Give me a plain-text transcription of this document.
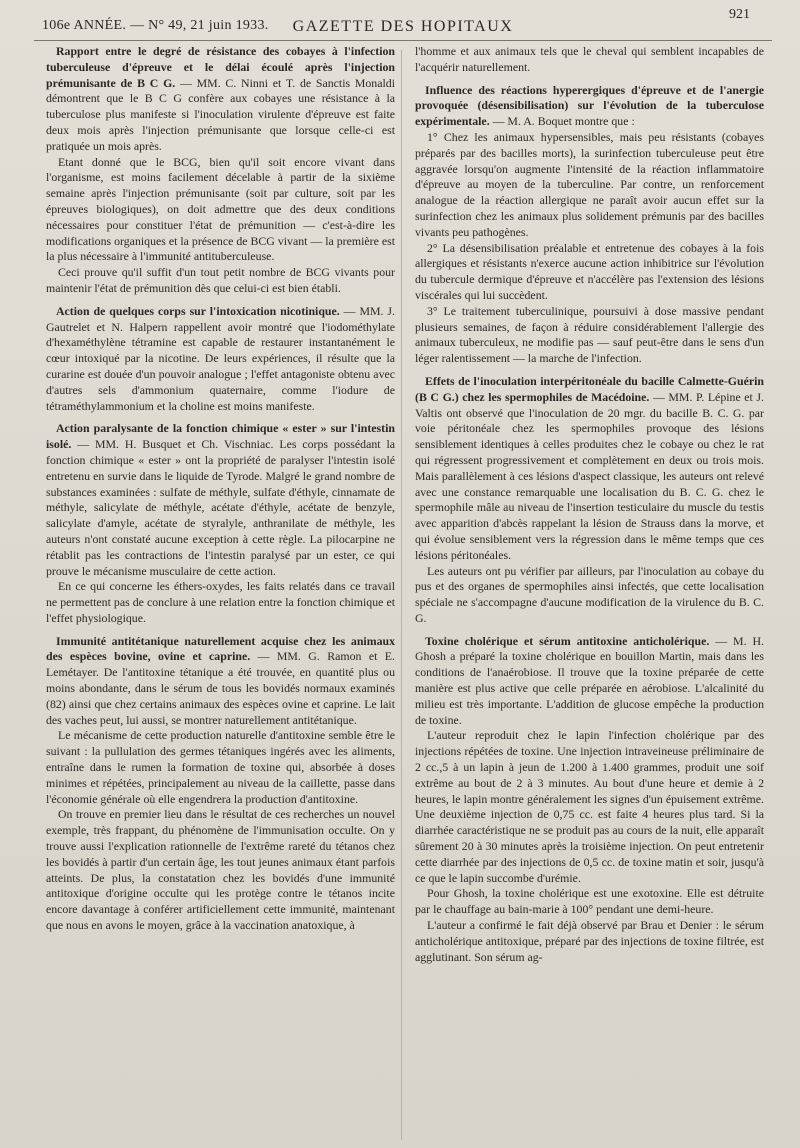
106e ANNÉE. — N° 49, 21 juin 1933.	GAZETTE DES HOPITAUX
921

Rapport entre le degré de résistance des cobayes à l'infection tuberculeuse d'épreuve et le délai écoulé après l'injection prémunisante de B C G. — MM. C. Ninni et T. de Sanctis Monaldi démontrent que le B C G confère aux cobayes une résistance à la tuberculose plus manifeste si l'inoculation virulente d'épreuve est faite deux mois après l'injection prémunisante que lorsque celle-ci est pratiquée un mois après.

Etant donné que le BCG, bien qu'il soit encore vivant dans l'organisme, est moins facilement décelable à partir de la sixième semaine après l'injection prémunisante (soit par culture, soit par les épreuves biologiques), on doit admettre que des deux conditions nécessaires pour constituer l'état de prémunition — c'est-à-dire les modifications organiques et la présence de BCG vivant — la première est la plus nécessaire à l'immunité antituberculeuse.

Ceci prouve qu'il suffit d'un tout petit nombre de BCG vivants pour maintenir l'état de prémunition dès que celui-ci est bien établi.

Action de quelques corps sur l'intoxication nicotinique. — MM. J. Gautrelet et N. Halpern rappellent avoir montré que l'iodométhylate d'hexaméthylène tétramine est capable de restaurer instantanément le cœur intoxiqué par la nicotine. De leurs expériences, il résulte que la curarine est douée d'un pouvoir analogue ; l'effet antagoniste obtenu avec d'autres sels d'ammonium quaternaire, comme l'iodure de tétraméthylammonium et la choline est moins manifeste.

Action paralysante de la fonction chimique « ester » sur l'intestin isolé. — MM. H. Busquet et Ch. Vischniac. Les corps possédant la fonction chimique « ester » ont la propriété de paralyser l'intestin isolé entretenu en survie dans le liquide de Tyrode. Malgré le grand nombre de substances examinées : sulfate de méthyle, sulfate d'éthyle, cinnamate de méthyle, salicylate de méthyle, acétate d'éthyle, acétate de benzyle, salicylate d'amyle, acétate de styralyle, anthranilate de méthyle, les auteurs n'ont constaté aucune exception à cette règle. La pilocarpine ne rétablit pas les contractions de l'intestin paralysé par un ester, ce qui prouve le mécanisme musculaire de cette action.

En ce qui concerne les éthers-oxydes, les faits relatés dans ce travail ne permettent pas de conclure à une relation entre la fonction chimique et l'effet physiologique.

Immunité antitétanique naturellement acquise chez les animaux des espèces bovine, ovine et caprine. — MM. G. Ramon et E. Lemétayer. De l'antitoxine tétanique a été trouvée, en quantité plus ou moins abondante, dans le sérum de tous les bovidés normaux examinés (82) ainsi que chez certains animaux des espèces ovine et caprine. Le lait des vaches peut, lui aussi, se montrer naturellement antitétanique.

Le mécanisme de cette production naturelle d'antitoxine semble être le suivant : la pullulation des germes tétaniques ingérés avec les aliments, entraîne dans le rumen la formation de toxine qui, absorbée à doses minimes et répétées, principalement au niveau de la caillette, passe dans l'économie générale où elle engendrera la production d'antitoxine.

On trouve en premier lieu dans le résultat de ces recherches un nouvel exemple, très frappant, du phénomène de l'immunisation occulte. On y trouve aussi l'explication rationnelle de l'extrême rareté du tétanos chez les bovidés à partir d'un certain âge, les tout jeunes animaux étant parfois atteints. De plus, la constatation chez les bovidés d'une immunité antitoxique d'origine occulte qui les protège contre le tétanos incite encore davantage à conférer artificiellement cette immunité, maintenant que nous en avons le moyen, grâce à la vaccination anatoxique, à

l'homme et aux animaux tels que le cheval qui semblent incapables de l'acquérir naturellement.

Influence des réactions hyperergiques d'épreuve et de l'anergie provoquée (désensibilisation) sur l'évolution de la tuberculose expérimentale. — M. A. Boquet montre que :

1° Chez les animaux hypersensibles, mais peu résistants (cobayes préparés par des bacilles morts), la surinfection tuberculeuse peut être aggravée lorsqu'on augmente l'intensité de la réaction inflammatoire d'épreuve au moyen de la tuberculine. Par contre, un renforcement analogue de la réaction allergique ne paraît avoir aucun effet sur la surinfection chez les animaux plus solidement prémunis par des bacilles vivants peu pathogènes.

2° La désensibilisation préalable et entretenue des cobayes à la fois allergiques et résistants n'exerce aucune action inhibitrice sur l'évolution du tubercule dermique d'épreuve et n'accélère pas l'extension des lésions viscérales qui lui succèdent.

3° Le traitement tuberculinique, poursuivi à dose massive pendant plusieurs semaines, de façon à réduire considérablement l'allergie des animaux tuberculeux, ne modifie pas — sauf peut-être dans le sens d'un léger ralentissement — la marche de l'infection.

Effets de l'inoculation interpéritonéale du bacille Calmette-Guérin (B C G.) chez les spermophiles de Macédoine. — MM. P. Lépine et J. Valtis ont observé que l'inoculation de 20 mgr. du bacille B. C. G. par voie péritonéale chez les spermophiles provoque des lésions sensiblement identiques à celles produites chez le cobaye ou chez le rat qui régressent progressivement et complètement en deux ou trois mois. Mais parallèlement à ces lésions d'aspect classique, les auteurs ont relevé avec une constance remarquable une localisation du B. C. G. chez le spermophile mâle au niveau de l'insertion testiculaire du muscle du testis avec apparition d'abcès rappelant la lésion de Strauss dans la morve, et qui évolue sensiblement vers la régression dans le même temps que ces lésions péritonéales.

Les auteurs ont pu vérifier par ailleurs, par l'inoculation au cobaye du pus et des organes de spermophiles ainsi infectés, que cette localisation spéciale ne s'accompagne d'aucune modification de la virulence du B. C. G.

Toxine cholérique et sérum antitoxine anticholérique. — M. H. Ghosh a préparé la toxine cholérique en bouillon Martin, mais dans les conditions de l'anaérobiose. Il trouve que la toxine préparée de cette manière est plus active que celle préparée en aérobiose. L'alcalinité du milieu est très importante. L'addition de glucose empêche la production de toxine.

L'auteur reproduit chez le lapin l'infection cholérique par des injections répétées de toxine. Une injection intraveineuse préliminaire de 2 cc.,5 à un lapin à jeun de 1.200 à 1.400 grammes, produit une soif extrême au bout de 2 à 3 minutes. Au bout d'une heure et demie à 2 heures, le lapin montre généralement les signes d'un épuisement extrême. Une deuxième injection de 0,75 cc. est faite 4 heures plus tard. Si la diarrhée caractéristique ne se produit pas au cours de la nuit, elle apparaît sûrement 20 à 30 minutes après la troisième injection. On peut entretenir cette diarrhée par des injections de 0,5 cc. de toxine matin et soir, jusqu'à ce que le lapin succombe d'urémie.

Pour Ghosh, la toxine cholérique est une exotoxine. Elle est détruite par le chauffage au bain-marie à 100° pendant une demi-heure.

L'auteur a confirmé le fait déjà observé par Brau et Denier : le sérum anticholérique antitoxique, préparé par des injections de toxine filtrée, est agglutinant. Son sérum ag-
